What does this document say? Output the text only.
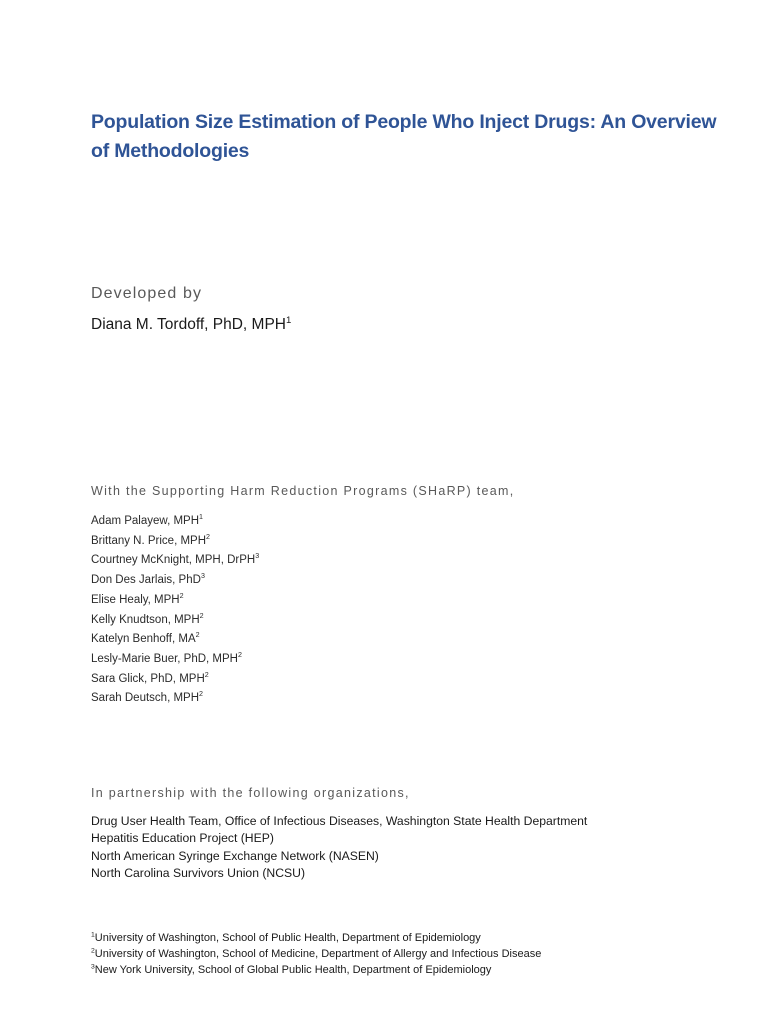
Population Size Estimation of People Who Inject Drugs: An Overview
of Methodologies
Developed by
Diana M. Tordoff, PhD, MPH$^1$
With the Supporting Harm Reduction Programs (SHaRP) team,
Adam Palayew, MPH$^1$
Brittany N. Price, MPH$^2$
Courtney McKnight, MPH, DrPH$^3$
Don Des Jarlais, PhD$^3$
Elise Healy, MPH$^2$
Kelly Knudtson, MPH$^2$
Katelyn Benhoff, $MA^2$
Lesly-Marie Buer, PhD, MPH$^2$
Sara Glick, PhD, MPH$^2$
Sarah Deutsch, MPH$^2$
In partnership with the following organizations,
Drug User Health Team, Office of Infectious Diseases, Washington State Health Department
Hepatitis Education Project (HEP)
North American Syringe Exchange Network (NASEN)
North Carolina Survivors Union (NCSU)
$^1$University of Washington, School of Public Health, Department of Epidemiology
$^2$University of Washington, School of Medicine, Department of Allergy and Infectious Disease
$^3$New York University, School of Global Public Health, Department of Epidemiology
